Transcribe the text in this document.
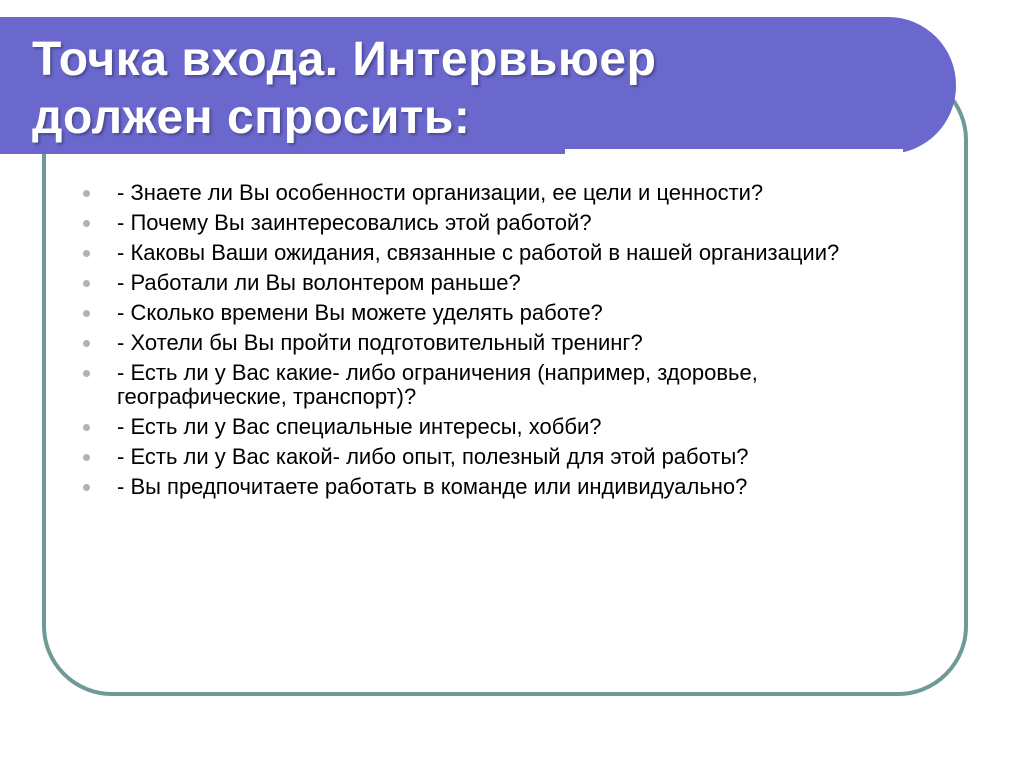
Точка входа. Интервьюер
должен спросить:
- Знаете ли Вы особенности организации, ее цели и ценности?
- Почему Вы заинтересовались этой работой?
- Каковы Ваши ожидания, связанные с работой в нашей организации?
- Работали ли Вы волонтером раньше?
- Сколько времени Вы можете уделять работе?
- Хотели бы Вы пройти подготовительный тренинг?
- Есть ли у Вас какие- либо ограничения (например, здоровье, географические, транспорт)?
- Есть ли у Вас специальные интересы, хобби?
- Есть ли у Вас какой- либо опыт, полезный для этой работы?
- Вы предпочитаете работать в команде или индивидуально?
